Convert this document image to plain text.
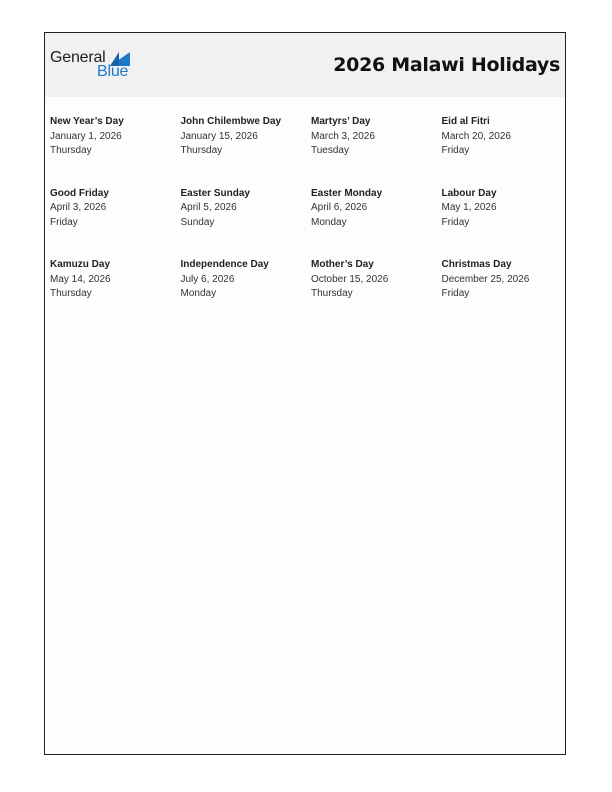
General
Blue	2026 Malawi Holidays
New Year’s Day
January 1, 2026
Thursday
John Chilembwe Day
January 15, 2026
Thursday
Martyrs’ Day
March 3, 2026
Tuesday
Eid al Fitri
March 20, 2026
Friday
Good Friday
April 3, 2026
Friday
Easter Sunday
April 5, 2026
Sunday
Easter Monday
April 6, 2026
Monday
Labour Day
May 1, 2026
Friday
Kamuzu Day
May 14, 2026
Thursday
Independence Day
July 6, 2026
Monday
Mother’s Day
October 15, 2026
Thursday
Christmas Day
December 25, 2026
Friday
